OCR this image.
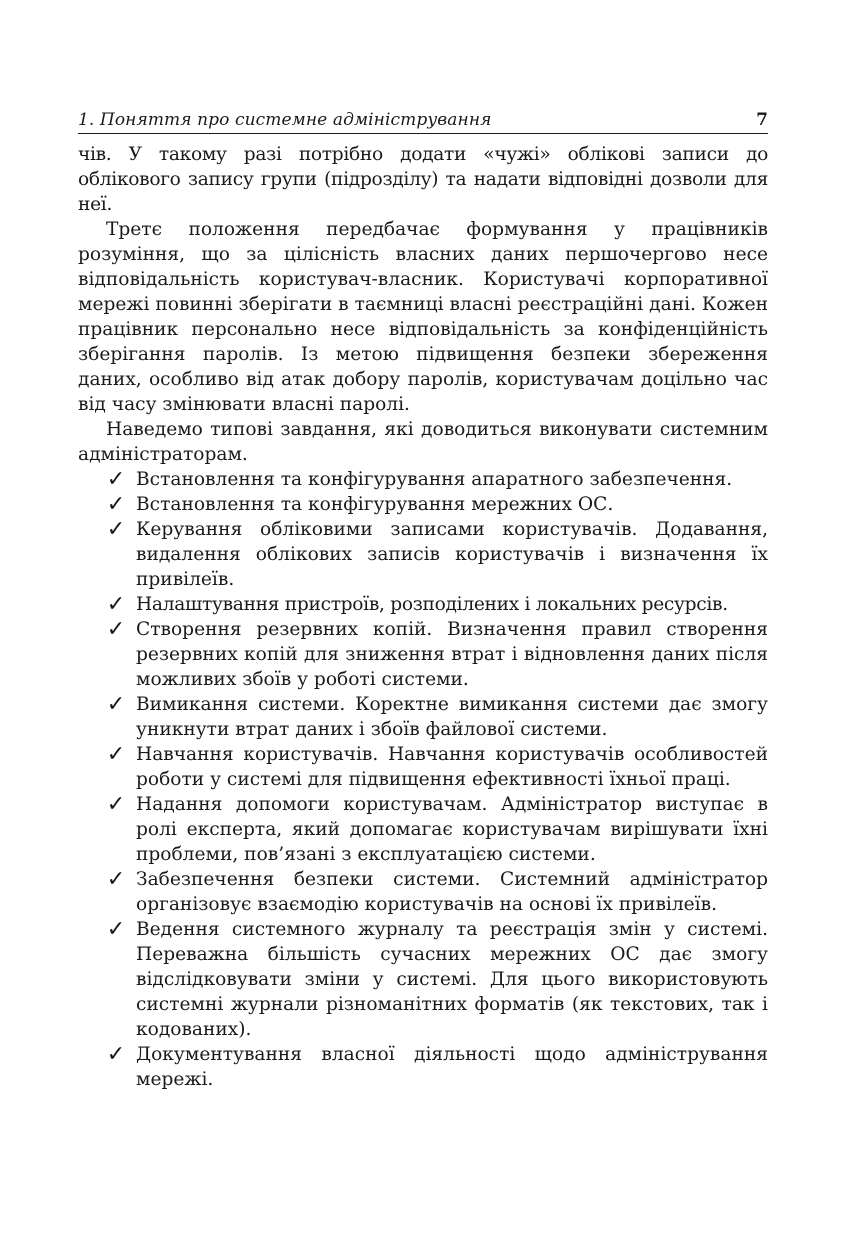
1. Поняття про системне адміністрування	7

чів. У такому разі потрібно додати «чужі» облікові записи до облікового запису групи (підрозділу) та надати відповідні дозволи для неї.

Третє положення передбачає формування у працівників розуміння, що за цілісність власних даних першочергово несе відповідальність користувач-власник. Користувачі корпоративної мережі повинні зберігати в таємниці власні реєстраційні дані. Кожен працівник персонально несе відповідальність за конфіденційність зберігання паролів. Із метою підвищення безпеки збереження даних, особливо від атак добору паролів, користувачам доцільно час від часу змінювати власні паролі.

Наведемо типові завдання, які доводиться виконувати системним адміністраторам.

✓ Встановлення та конфігурування апаратного забезпечення.
✓ Встановлення та конфігурування мережних ОС.
✓ Керування обліковими записами користувачів. Додавання, видалення облікових записів користувачів і визначення їх привілеїв.
✓ Налаштування пристроїв, розподілених і локальних ресурсів.
✓ Створення резервних копій. Визначення правил створення резервних копій для зниження втрат і відновлення даних після можливих збоїв у роботі системи.
✓ Вимикання системи. Коректне вимикання системи дає змогу уникнути втрат даних і збоїв файлової системи.
✓ Навчання користувачів. Навчання користувачів особливостей роботи у системі для підвищення ефективності їхньої праці.
✓ Надання допомоги користувачам. Адміністратор виступає в ролі експерта, який допомагає користувачам вирішувати їхні проблеми, пов’язані з експлуатацією системи.
✓ Забезпечення безпеки системи. Системний адміністратор організовує взаємодію користувачів на основі їх привілеїв.
✓ Ведення системного журналу та реєстрація змін у системі. Переважна більшість сучасних мережних ОС дає змогу відслідковувати зміни у системі. Для цього використовують системні журнали різноманітних форматів (як текстових, так і кодованих).
✓ Документування власної діяльності щодо адміністрування мережі.
